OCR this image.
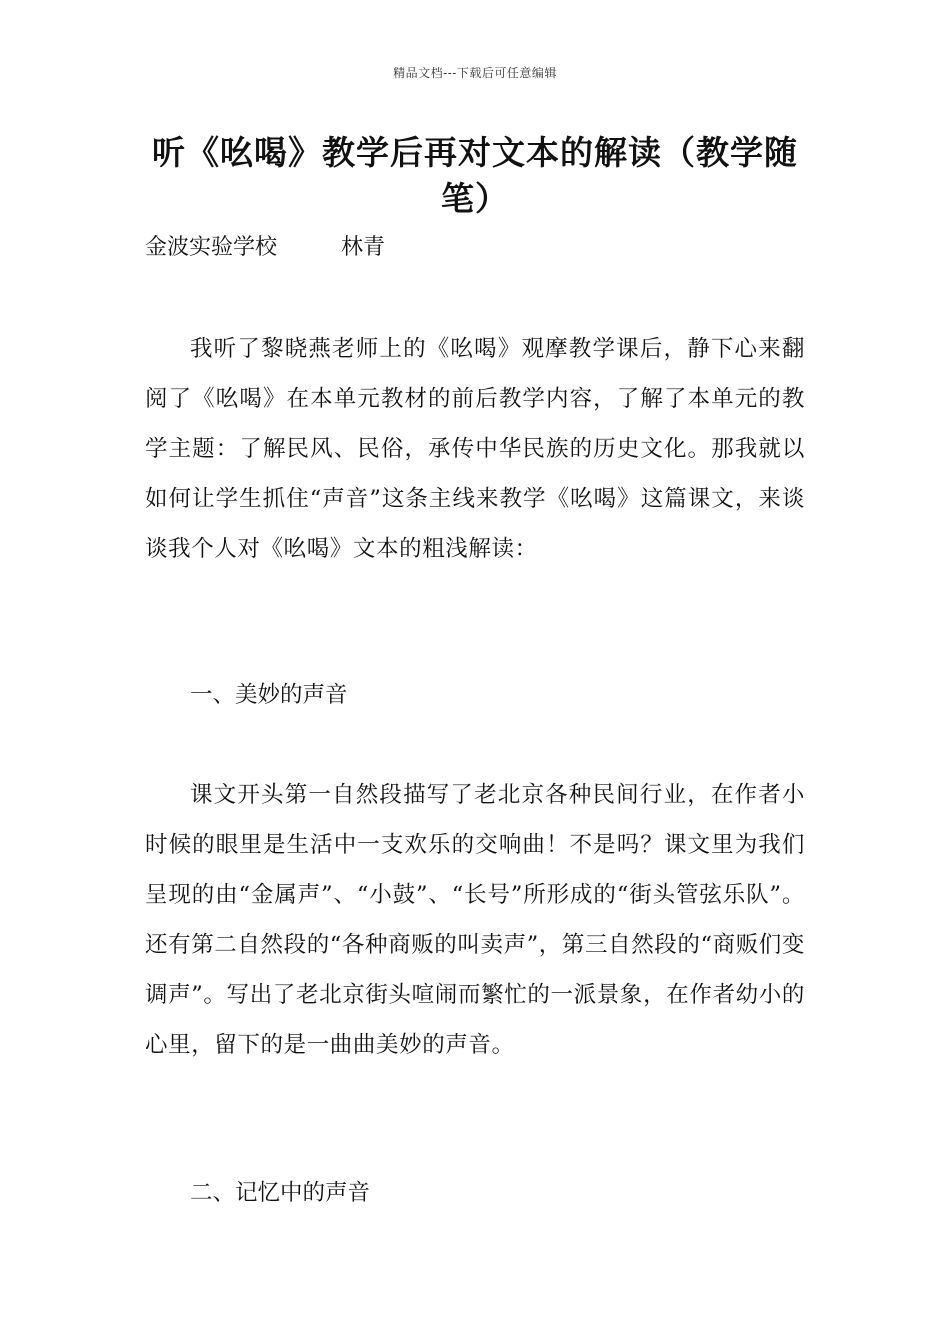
精品文档---下载后可任意编辑
听《吆喝》教学后再对文本的解读（教学随笔）
金波实验学校	林青

我听了黎晓燕老师上的《吆喝》观摩教学课后，静下心来翻阅了《吆喝》在本单元教材的前后教学内容，了解了本单元的教学主题：了解民风、民俗，承传中华民族的历史文化。那我就以如何让学生抓住“声音”这条主线来教学《吆喝》这篇课文，来谈谈我个人对《吆喝》文本的粗浅解读：

一、美妙的声音

课文开头第一自然段描写了老北京各种民间行业，在作者小时候的眼里是生活中一支欢乐的交响曲！不是吗？课文里为我们呈现的由“金属声”、“小鼓”、“长号”所形成的“街头管弦乐队”。还有第二自然段的“各种商贩的叫卖声”，第三自然段的“商贩们变调声”。写出了老北京街头喧闹而繁忙的一派景象，在作者幼小的心里，留下的是一曲曲美妙的声音。

二、记忆中的声音
